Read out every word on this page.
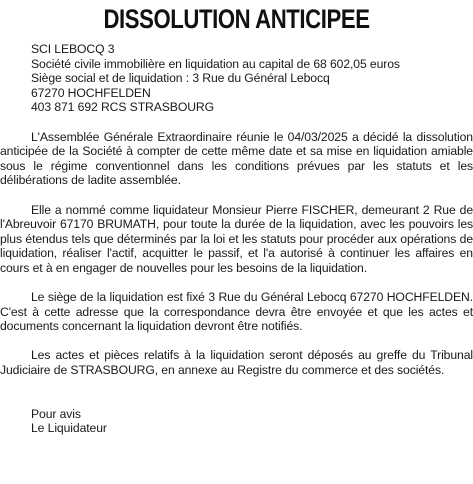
DISSOLUTION ANTICIPEE
SCI LEBOCQ 3
Société civile immobilière en liquidation au capital de 68 602,05 euros
Siège social et de liquidation : 3 Rue du Général Lebocq
67270 HOCHFELDEN
403 871 692 RCS STRASBOURG

L'Assemblée Générale Extraordinaire réunie le 04/03/2025 a décidé la dissolution anticipée de la Société à compter de cette même date et sa mise en liquidation amiable sous le régime conventionnel dans les conditions prévues par les statuts et les délibérations de ladite assemblée.

Elle a nommé comme liquidateur Monsieur Pierre FISCHER, demeurant 2 Rue de l'Abreuvoir 67170 BRUMATH, pour toute la durée de la liquidation, avec les pouvoirs les plus étendus tels que déterminés par la loi et les statuts pour procéder aux opérations de liquidation, réaliser l'actif, acquitter le passif, et l'a autorisé à continuer les affaires en cours et à en engager de nouvelles pour les besoins de la liquidation.

Le siège de la liquidation est fixé 3 Rue du Général Lebocq 67270 HOCHFELDEN. C'est à cette adresse que la correspondance devra être envoyée et que les actes et documents concernant la liquidation devront être notifiés.

Les actes et pièces relatifs à la liquidation seront déposés au greffe du Tribunal Judiciaire de STRASBOURG, en annexe au Registre du commerce et des sociétés.

Pour avis
Le Liquidateur
